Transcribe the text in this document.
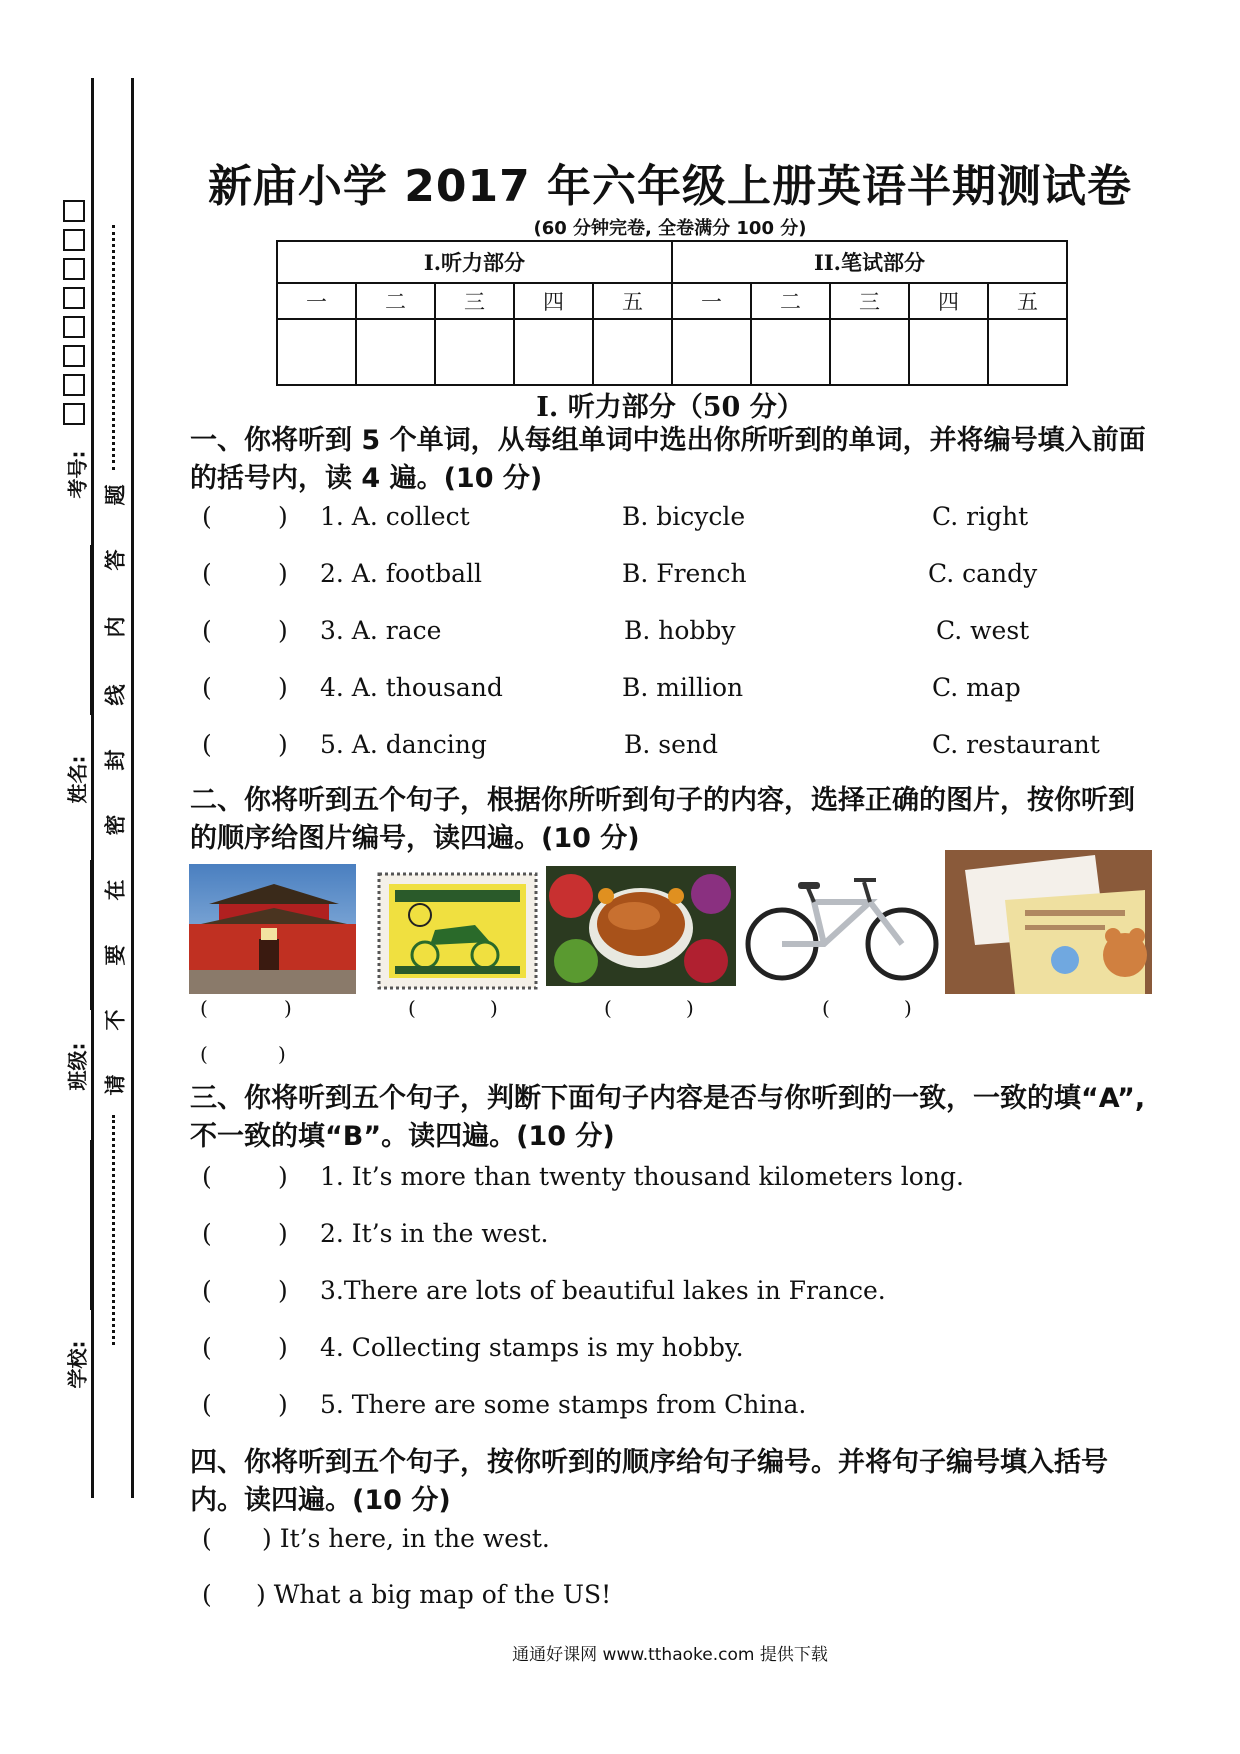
考号:
姓名:
班级:
学校:
题
答
内
线
封
密
在
要
不
请
新庙小学 2017 年六年级上册英语半期测试卷
(60 分钟完卷, 全卷满分 100 分)
I.听力部分					II.笔试部分				
一	二	三	四	五	一	二	三	四	五

I. 听力部分（50 分）
一、你将听到 5 个单词，从每组单词中选出你所听到的单词，并将编号填入前面的括号内，读 4 遍。(10 分)
(	) 1. A. collect	B. bicycle	C. right
(	) 2. A. football	B. French	C. candy
(	) 3. A. race	B. hobby	C. west
(	) 4. A. thousand	B. million	C. map
(	) 5. A. dancing	B. send	C. restaurant
二、你将听到五个句子，根据你所听到句子的内容，选择正确的图片，按你听到的顺序给图片编号，读四遍。(10 分)
(	)	(	)	(	)	(	)
(	)
三、你将听到五个句子，判断下面句子内容是否与你听到的一致，一致的填“A”,不一致的填“B”。读四遍。(10 分)
(	) 1. It’s more than twenty thousand kilometers long.
(	) 2. It’s in the west.
(	) 3.There are lots of beautiful lakes in France.
(	) 4. Collecting stamps is my hobby.
(	) 5. There are some stamps from China.
四、你将听到五个句子，按你听到的顺序给句子编号。并将句子编号填入括号内。读四遍。(10 分)
( ) It’s here, in the west.
( ) What a big map of the US!
通通好课网 www.tthaoke.com 提供下载
